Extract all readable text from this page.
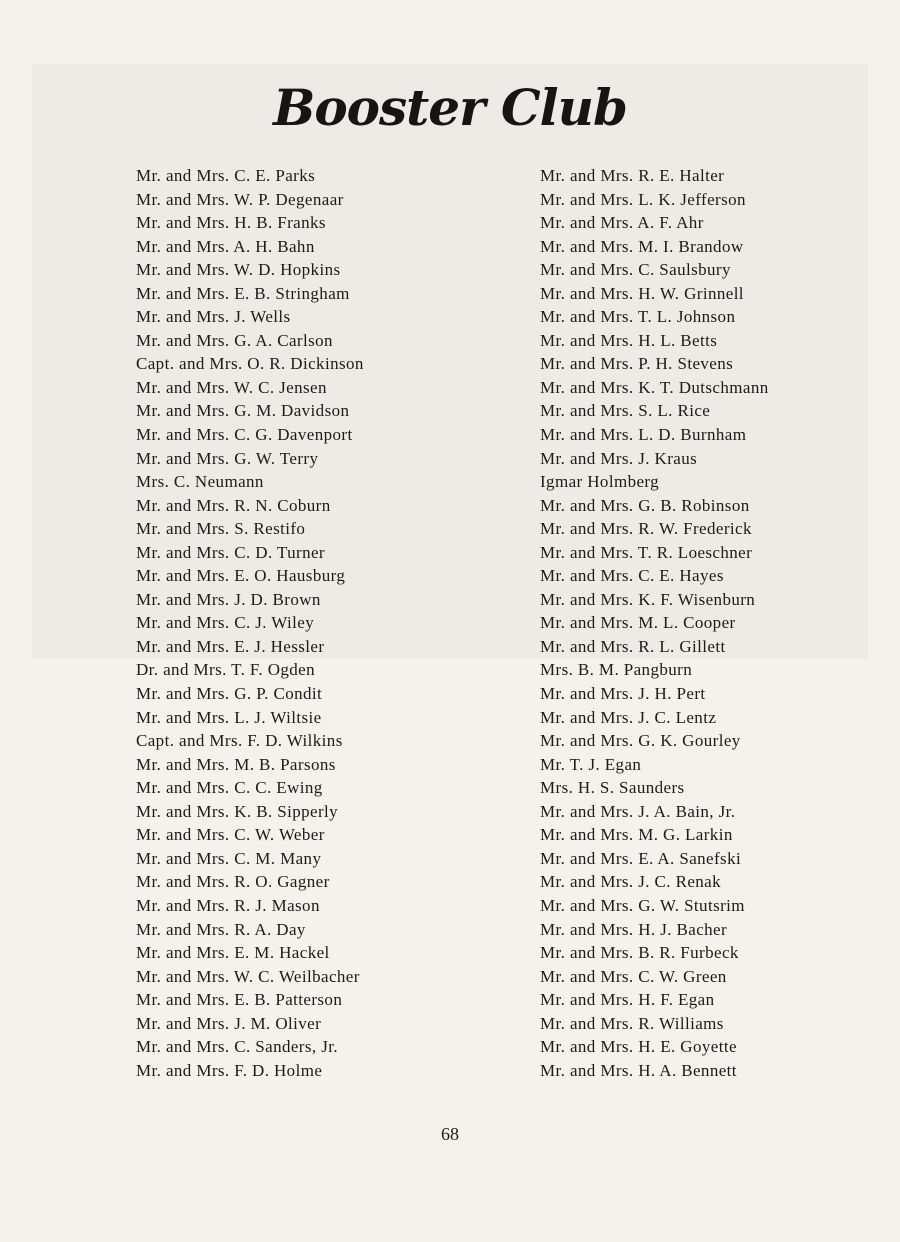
Booster Club
Mr. and Mrs. C. E. Parks
Mr. and Mrs. W. P. Degenaar
Mr. and Mrs. H. B. Franks
Mr. and Mrs. A. H. Bahn
Mr. and Mrs. W. D. Hopkins
Mr. and Mrs. E. B. Stringham
Mr. and Mrs. J. Wells
Mr. and Mrs. G. A. Carlson
Capt. and Mrs. O. R. Dickinson
Mr. and Mrs. W. C. Jensen
Mr. and Mrs. G. M. Davidson
Mr. and Mrs. C. G. Davenport
Mr. and Mrs. G. W. Terry
Mrs. C. Neumann
Mr. and Mrs. R. N. Coburn
Mr. and Mrs. S. Restifo
Mr. and Mrs. C. D. Turner
Mr. and Mrs. E. O. Hausburg
Mr. and Mrs. J. D. Brown
Mr. and Mrs. C. J. Wiley
Mr. and Mrs. E. J. Hessler
Dr. and Mrs. T. F. Ogden
Mr. and Mrs. G. P. Condit
Mr. and Mrs. L. J. Wiltsie
Capt. and Mrs. F. D. Wilkins
Mr. and Mrs. M. B. Parsons
Mr. and Mrs. C. C. Ewing
Mr. and Mrs. K. B. Sipperly
Mr. and Mrs. C. W. Weber
Mr. and Mrs. C. M. Many
Mr. and Mrs. R. O. Gagner
Mr. and Mrs. R. J. Mason
Mr. and Mrs. R. A. Day
Mr. and Mrs. E. M. Hackel
Mr. and Mrs. W. C. Weilbacher
Mr. and Mrs. E. B. Patterson
Mr. and Mrs. J. M. Oliver
Mr. and Mrs. C. Sanders, Jr.
Mr. and Mrs. F. D. Holme
Mr. and Mrs. R. E. Halter
Mr. and Mrs. L. K. Jefferson
Mr. and Mrs. A. F. Ahr
Mr. and Mrs. M. I. Brandow
Mr. and Mrs. C. Saulsbury
Mr. and Mrs. H. W. Grinnell
Mr. and Mrs. T. L. Johnson
Mr. and Mrs. H. L. Betts
Mr. and Mrs. P. H. Stevens
Mr. and Mrs. K. T. Dutschmann
Mr. and Mrs. S. L. Rice
Mr. and Mrs. L. D. Burnham
Mr. and Mrs. J. Kraus
Igmar Holmberg
Mr. and Mrs. G. B. Robinson
Mr. and Mrs. R. W. Frederick
Mr. and Mrs. T. R. Loeschner
Mr. and Mrs. C. E. Hayes
Mr. and Mrs. K. F. Wisenburn
Mr. and Mrs. M. L. Cooper
Mr. and Mrs. R. L. Gillett
Mrs. B. M. Pangburn
Mr. and Mrs. J. H. Pert
Mr. and Mrs. J. C. Lentz
Mr. and Mrs. G. K. Gourley
Mr. T. J. Egan
Mrs. H. S. Saunders
Mr. and Mrs. J. A. Bain, Jr.
Mr. and Mrs. M. G. Larkin
Mr. and Mrs. E. A. Sanefski
Mr. and Mrs. J. C. Renak
Mr. and Mrs. G. W. Stutsrim
Mr. and Mrs. H. J. Bacher
Mr. and Mrs. B. R. Furbeck
Mr. and Mrs. C. W. Green
Mr. and Mrs. H. F. Egan
Mr. and Mrs. R. Williams
Mr. and Mrs. H. E. Goyette
Mr. and Mrs. H. A. Bennett
68
